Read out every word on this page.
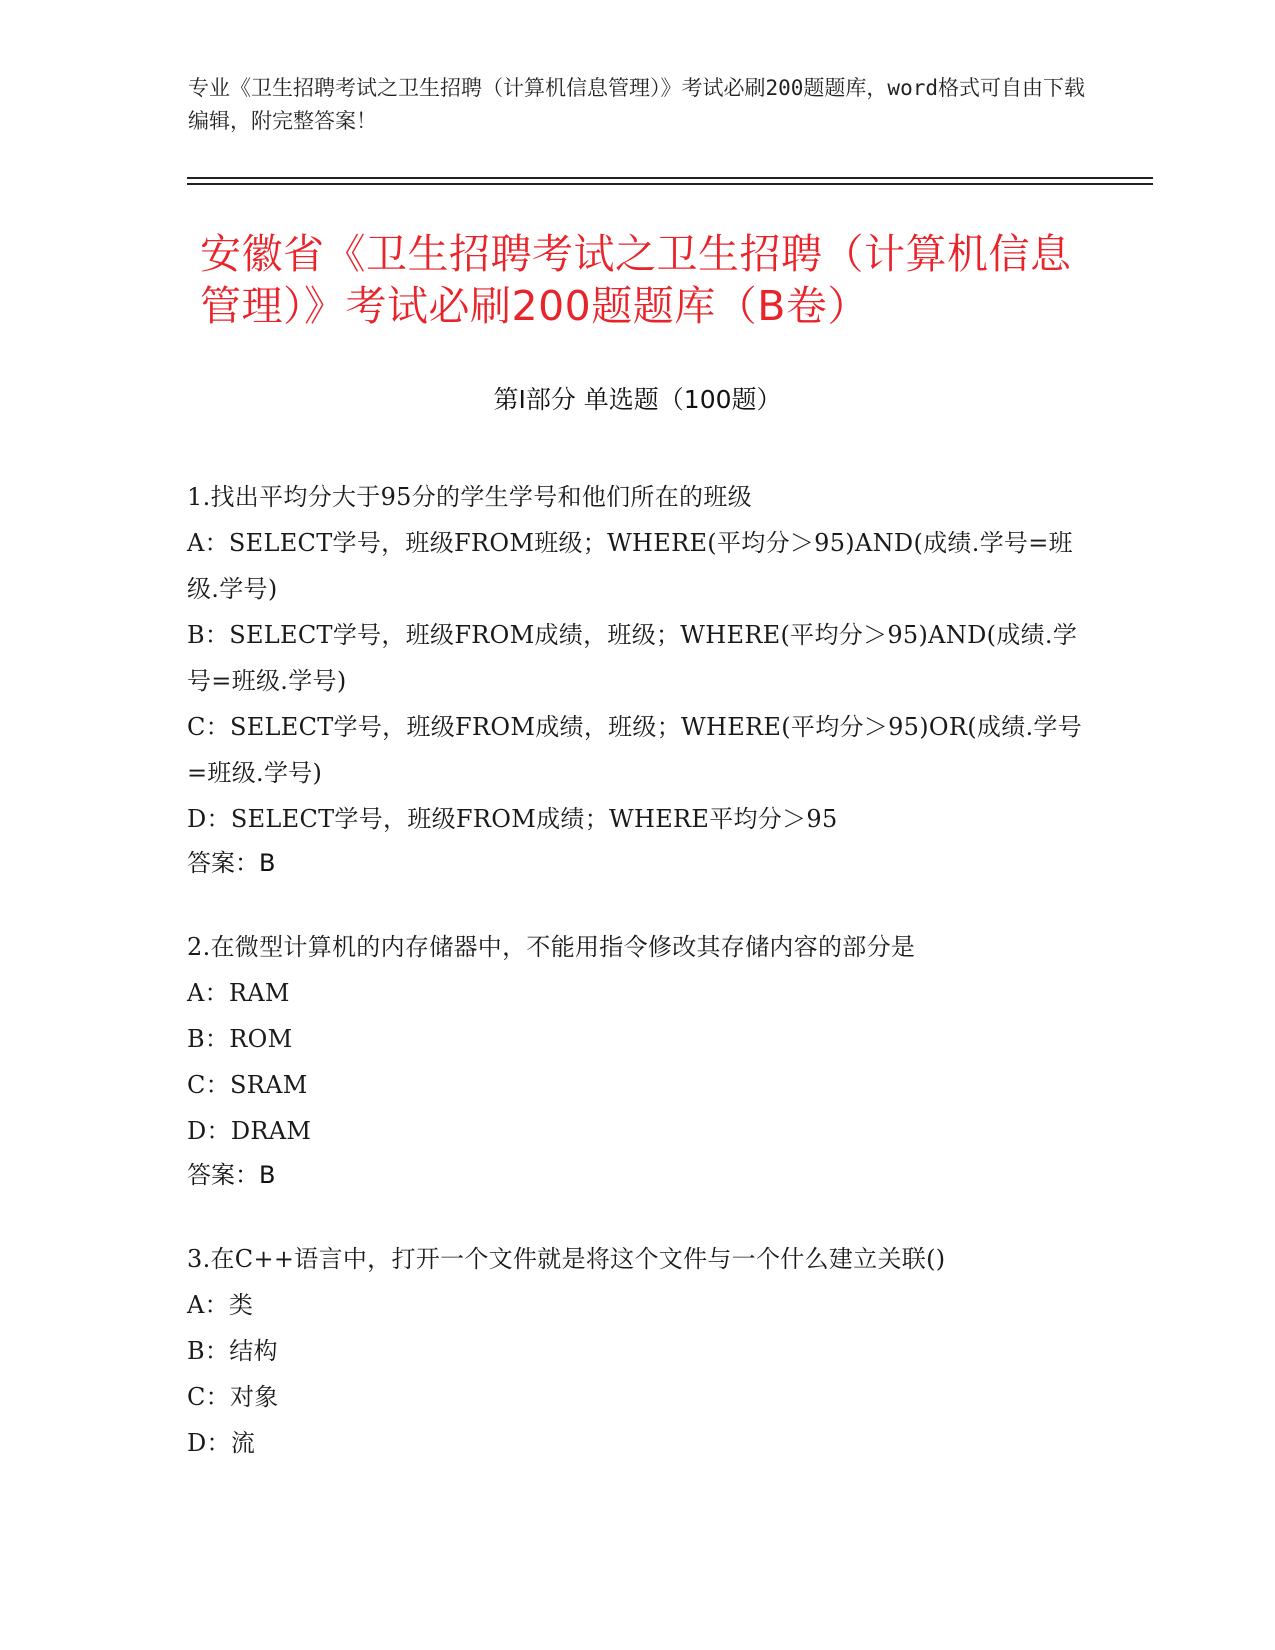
专业《卫生招聘考试之卫生招聘（计算机信息管理）》考试必刷200题题库，word格式可自由下载编辑，附完整答案！
安徽省《卫生招聘考试之卫生招聘（计算机信息管理）》考试必刷200题题库（B卷）
第Ⅰ部分 单选题（100题）
1.找出平均分大于95分的学生学号和他们所在的班级
A：SELECT学号，班级FROM班级；WHERE(平均分＞95)AND(成绩.学号=班级.学号)
B：SELECT学号，班级FROM成绩，班级；WHERE(平均分＞95)AND(成绩.学号=班级.学号)
C：SELECT学号，班级FROM成绩，班级；WHERE(平均分＞95)OR(成绩.学号=班级.学号)
D：SELECT学号，班级FROM成绩；WHERE平均分＞95
答案：B
2.在微型计算机的内存储器中，不能用指令修改其存储内容的部分是
A：RAM
B：ROM
C：SRAM
D：DRAM
答案：B
3.在C++语言中，打开一个文件就是将这个文件与一个什么建立关联()
A：类
B：结构
C：对象
D：流
